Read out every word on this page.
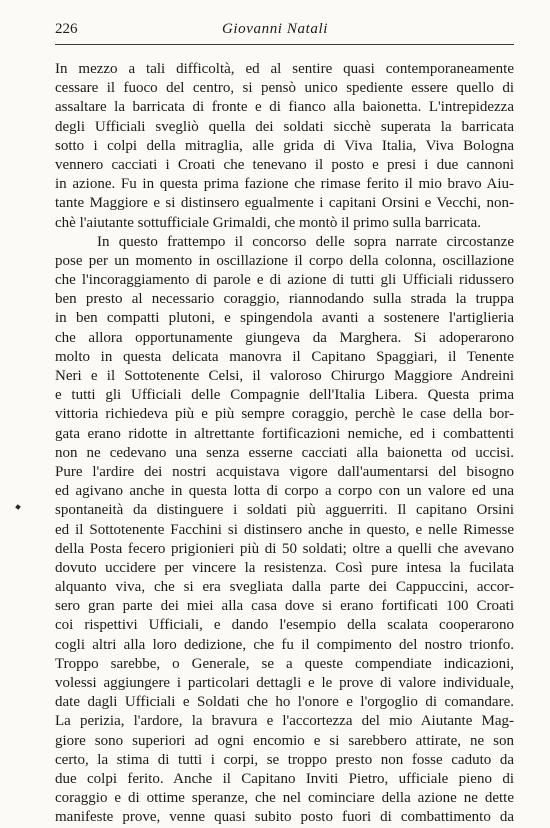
226	Giovanni Natali
In mezzo a tali difficoltà, ed al sentire quasi contemporaneamente
cessare il fuoco del centro, si pensò unico spediente essere quello di
assaltare la barricata di fronte e di fianco alla baionetta. L'intrepidezza
degli Ufficiali svegliò quella dei soldati sicchè superata la barricata
sotto i colpi della mitraglia, alle grida di Viva Italia, Viva Bologna
vennero cacciati i Croati che tenevano il posto e presi i due cannoni
in azione. Fu in questa prima fazione che rimase ferito il mio bravo Aiu-
tante Maggiore e si distinsero egualmente i capitani Orsini e Vecchi, non-
chè l'aiutante sottufficiale Grimaldi, che montò il primo sulla barricata.
In questo frattempo il concorso delle sopra narrate circostanze
pose per un momento in oscillazione il corpo della colonna, oscillazione
che l'incoraggiamento di parole e di azione di tutti gli Ufficiali ridussero
ben presto al necessario coraggio, riannodando sulla strada la truppa
in ben compatti plutoni, e spingendola avanti a sostenere l'artiglieria
che allora opportunamente giungeva da Marghera. Si adoperarono
molto in questa delicata manovra il Capitano Spaggiari, il Tenente
Neri e il Sottotenente Celsi, il valoroso Chirurgo Maggiore Andreini
e tutti gli Ufficiali delle Compagnie dell'Italia Libera. Questa prima
vittoria richiedeva più e più sempre coraggio, perchè le case della bor-
gata erano ridotte in altrettante fortificazioni nemiche, ed i combattenti
non ne cedevano una senza esserne cacciati alla baionetta od uccisi.
Pure l'ardire dei nostri acquistava vigore dall'aumentarsi del bisogno
ed agivano anche in questa lotta di corpo a corpo con un valore ed una
spontaneità da distinguere i soldati più agguerriti. Il capitano Orsini
ed il Sottotenente Facchini si distinsero anche in questo, e nelle Rimesse
della Posta fecero prigionieri più di 50 soldati; oltre a quelli che avevano
dovuto uccidere per vincere la resistenza. Così pure intesa la fucilata
alquanto viva, che si era svegliata dalla parte dei Cappuccini, accor-
sero gran parte dei miei alla casa dove si erano fortificati 100 Croati
coi rispettivi Ufficiali, e dando l'esempio della scalata cooperarono
cogli altri alla loro dedizione, che fu il compimento del nostro trionfo.
Troppo sarebbe, o Generale, se a queste compendiate indicazioni,
volessi aggiungere i particolari dettagli e le prove di valore individuale,
date dagli Ufficiali e Soldati che ho l'onore e l'orgoglio di comandare.
La perizia, l'ardore, la bravura e l'accortezza del mio Aiutante Mag-
giore sono superiori ad ogni encomio e si sarebbero attirate, ne son
certo, la stima di tutti i corpi, se troppo presto non fosse caduto da
due colpi ferito. Anche il Capitano Inviti Pietro, ufficiale pieno di
coraggio e di ottime speranze, che nel cominciare della azione ne dette
manifeste prove, venne quasi subito posto fuori di combattimento da
